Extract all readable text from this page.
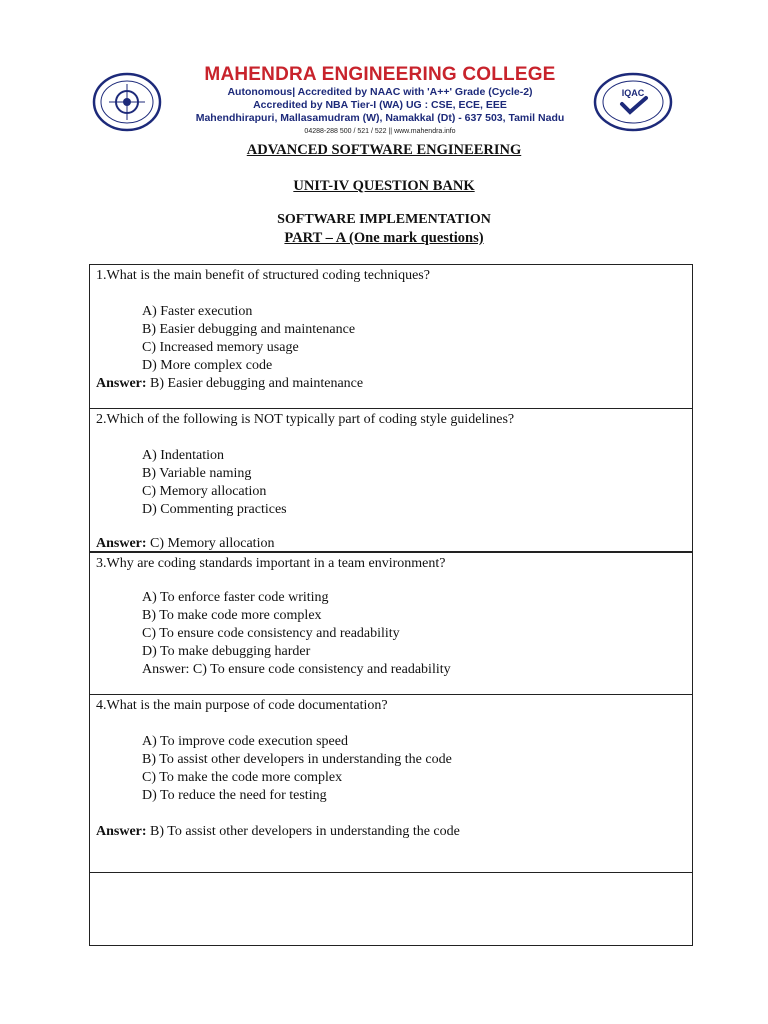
MAHENDRA ENGINEERING COLLEGE
Autonomous| Accredited by NAAC with 'A++' Grade (Cycle-2)
Accredited by NBA Tier-I (WA) UG : CSE, ECE, EEE
Mahendhirapuri, Mallasamudram (W), Namakkal (Dt) - 637 503, Tamil Nadu
04288-288 500 / 521 / 522 || www.mahendra.info
IQAC
ADVANCED SOFTWARE ENGINEERING
UNIT-IV QUESTION BANK
SOFTWARE IMPLEMENTATION
PART – A (One mark questions)
1.What is the main benefit of structured coding techniques?
A) Faster execution
B) Easier debugging and maintenance
C) Increased memory usage
D) More complex code
Answer: B) Easier debugging and maintenance
2.Which of the following is NOT typically part of coding style guidelines?
A) Indentation
B) Variable naming
C) Memory allocation
D) Commenting practices
Answer: C) Memory allocation
3.Why are coding standards important in a team environment?
A) To enforce faster code writing
B) To make code more complex
C) To ensure code consistency and readability
D) To make debugging harder
Answer: C) To ensure code consistency and readability
4.What is the main purpose of code documentation?
A) To improve code execution speed
B) To assist other developers in understanding the code
C) To make the code more complex
D) To reduce the need for testing
Answer: B) To assist other developers in understanding the code
